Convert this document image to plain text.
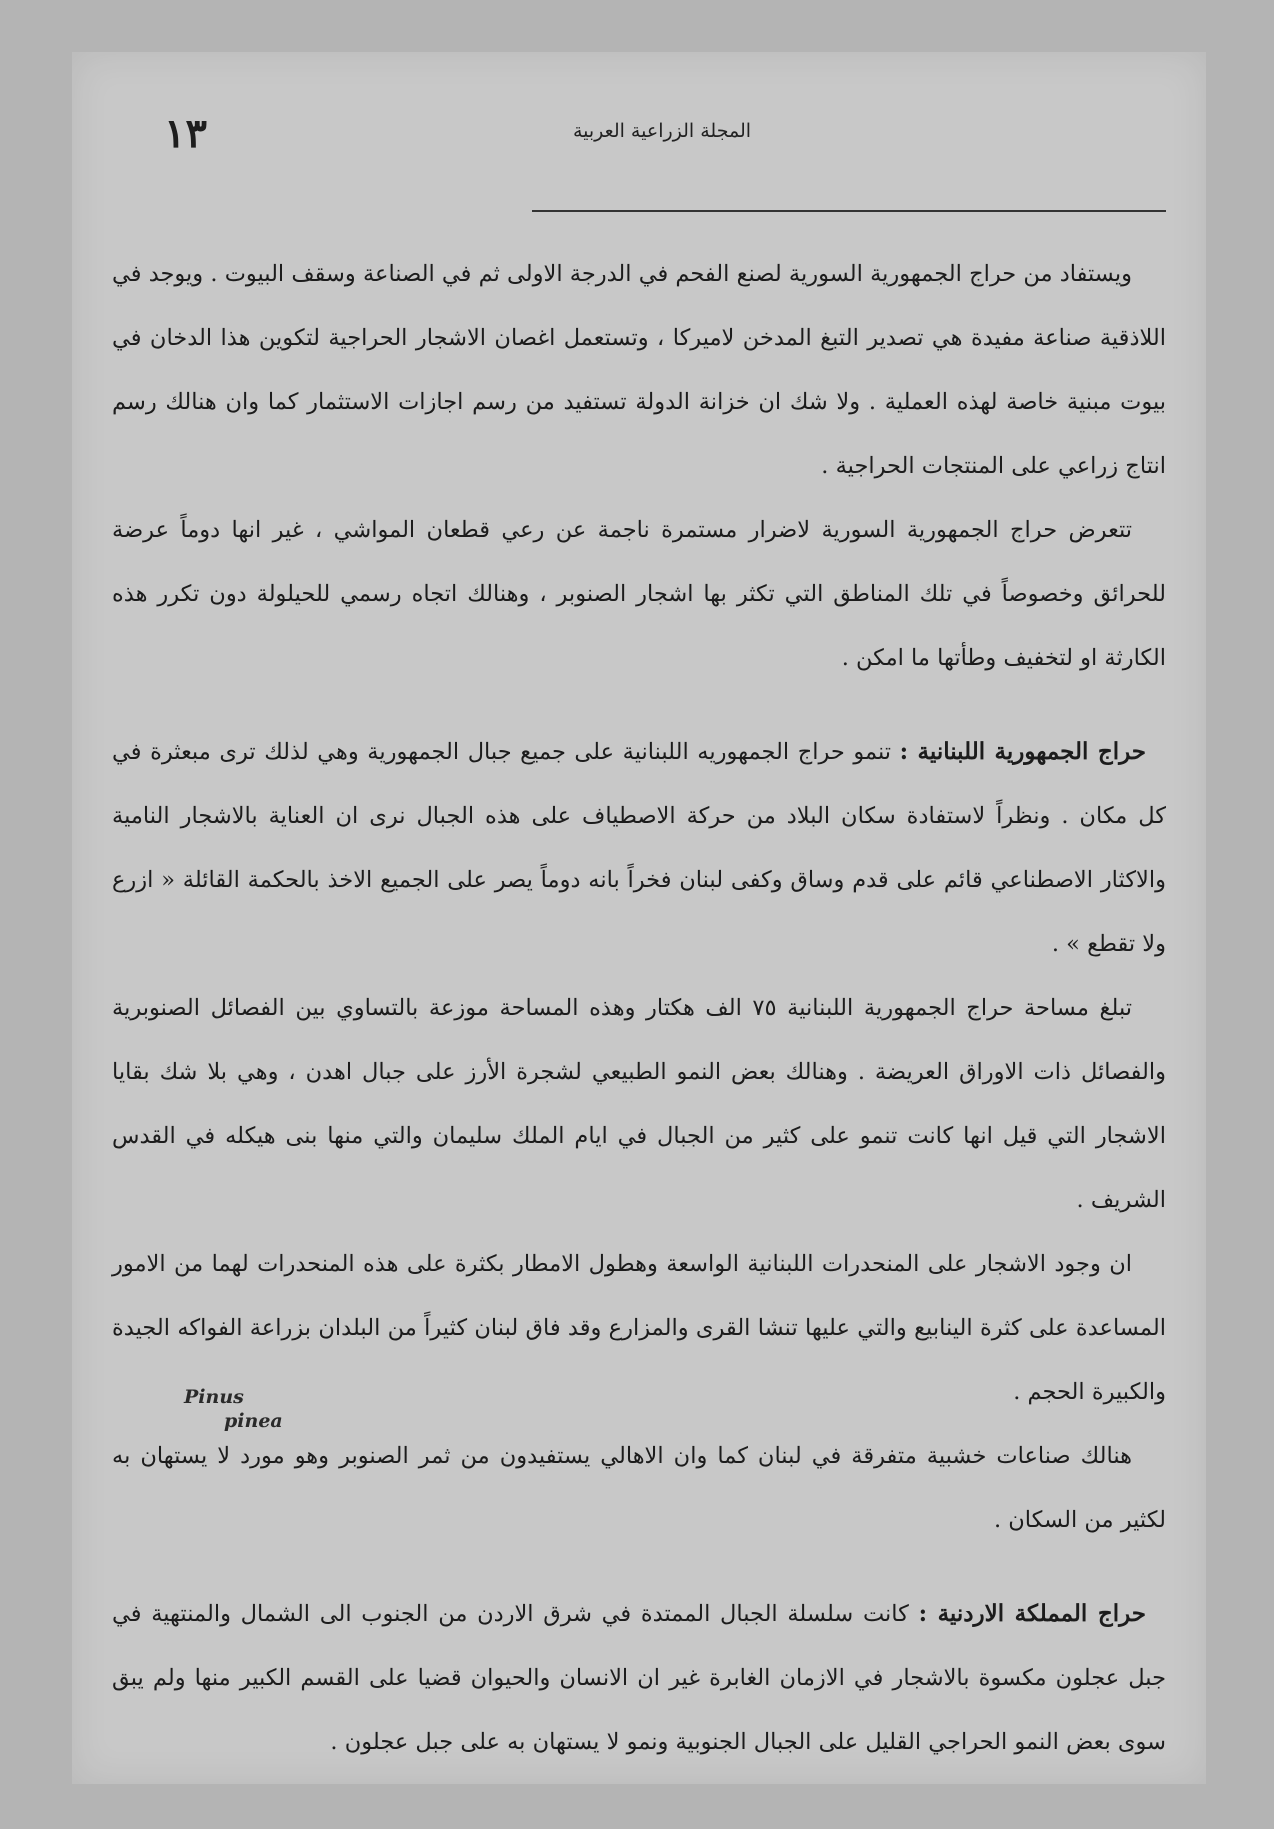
١٣	المجلة الزراعية العربية

ويستفاد من حراج الجمهورية السورية لصنع الفحم في الدرجة الاولى ثم في الصناعة وسقف البيوت . ويوجد في اللاذقية صناعة مفيدة هي تصدير التبغ المدخن لاميركا ، وتستعمل اغصان الاشجار الحراجية لتكوين هذا الدخان في بيوت مبنية خاصة لهذه العملية . ولا شك ان خزانة الدولة تستفيد من رسم اجازات الاستثمار كما وان هنالك رسم انتاج زراعي على المنتجات الحراجية .

تتعرض حراج الجمهورية السورية لاضرار مستمرة ناجمة عن رعي قطعان المواشي ، غير انها دوماً عرضة للحرائق وخصوصاً في تلك المناطق التي تكثر بها اشجار الصنوبر ، وهنالك اتجاه رسمي للحيلولة دون تكرر هذه الكارثة او لتخفيف وطأتها ما امكن .

حراج الجمهورية اللبنانية : تنمو حراج الجمهوريه اللبنانية على جميع جبال الجمهورية وهي لذلك ترى مبعثرة في كل مكان . ونظراً لاستفادة سكان البلاد من حركة الاصطياف على هذه الجبال نرى ان العناية بالاشجار النامية والاكثار الاصطناعي قائم على قدم وساق وكفى لبنان فخراً بانه دوماً يصر على الجميع الاخذ بالحكمة القائلة « ازرع ولا تقطع » .

تبلغ مساحة حراج الجمهورية اللبنانية ٧٥ الف هكتار وهذه المساحة موزعة بالتساوي بين الفصائل الصنوبرية والفصائل ذات الاوراق العريضة . وهنالك بعض النمو الطبيعي لشجرة الأرز على جبال اهدن ، وهي بلا شك بقايا الاشجار التي قيل انها كانت تنمو على كثير من الجبال في ايام الملك سليمان والتي منها بنى هيكله في القدس الشريف .

ان وجود الاشجار على المنحدرات اللبنانية الواسعة وهطول الامطار بكثرة على هذه المنحدرات لهما من الامور المساعدة على كثرة الينابيع والتي عليها تنشا القرى والمزارع وقد فاق لبنان كثيراً من البلدان بزراعة الفواكه الجيدة والكبيرة الحجم .

هنالك صناعات خشبية متفرقة في لبنان كما وان الاهالي يستفيدون من ثمر الصنوبر وهو مورد لا يستهان به لكثير من السكان .

حراج المملكة الاردنية : كانت سلسلة الجبال الممتدة في شرق الاردن من الجنوب الى الشمال والمنتهية في جبل عجلون مكسوة بالاشجار في الازمان الغابرة غير ان الانسان والحيوان قضيا على القسم الكبير منها ولم يبق سوى بعض النمو الحراجي القليل على الجبال الجنوبية ونمو لا يستهان به على جبل عجلون .

Pinus
pinea
